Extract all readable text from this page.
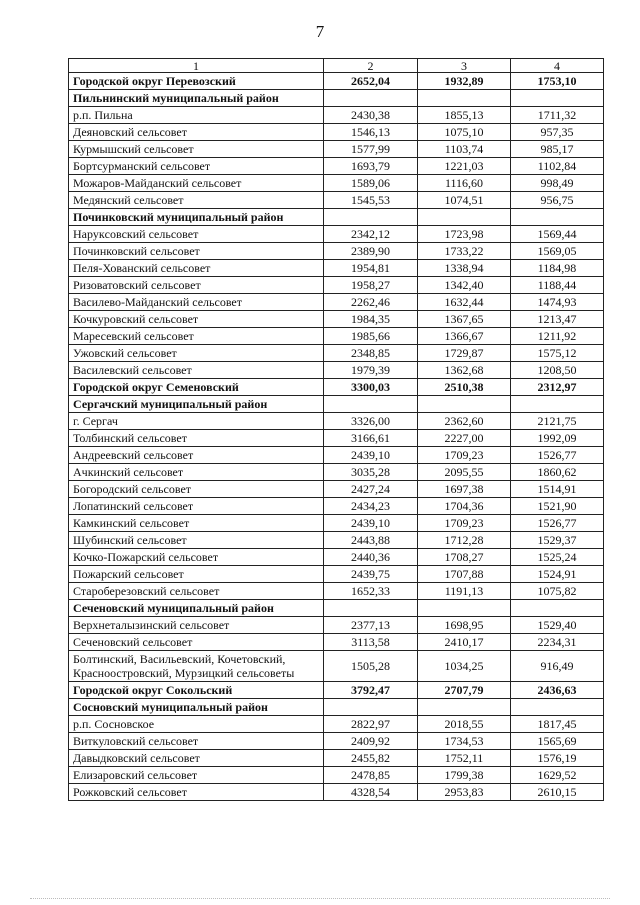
7
1	2	3	4
Городской округ Перевозский	2652,04	1932,89	1753,10
Пильнинский муниципальный район			
р.п. Пильна	2430,38	1855,13	1711,32
Деяновский сельсовет	1546,13	1075,10	957,35
Курмышский сельсовет	1577,99	1103,74	985,17
Бортсурманский сельсовет	1693,79	1221,03	1102,84
Можаров-Майданский сельсовет	1589,06	1116,60	998,49
Медянский сельсовет	1545,53	1074,51	956,75
Починковский муниципальный район			
Нарукcовский сельсовет	2342,12	1723,98	1569,44
Починковский сельсовет	2389,90	1733,22	1569,05
Пеля-Хованский сельсовет	1954,81	1338,94	1184,98
Ризоватовский сельсовет	1958,27	1342,40	1188,44
Василево-Майданский сельсовет	2262,46	1632,44	1474,93
Кочкуровский сельсовет	1984,35	1367,65	1213,47
Маресевский сельсовет	1985,66	1366,67	1211,92
Ужовский сельсовет	2348,85	1729,87	1575,12
Василевский сельсовет	1979,39	1362,68	1208,50
Городской округ Семеновский	3300,03	2510,38	2312,97
Сергачский муниципальный район			
г. Сергач	3326,00	2362,60	2121,75
Толбинский сельсовет	3166,61	2227,00	1992,09
Андреевский сельсовет	2439,10	1709,23	1526,77
Ачкинский сельсовет	3035,28	2095,55	1860,62
Богородский сельсовет	2427,24	1697,38	1514,91
Лопатинский сельсовет	2434,23	1704,36	1521,90
Камкинский сельсовет	2439,10	1709,23	1526,77
Шубинский сельсовет	2443,88	1712,28	1529,37
Кочко-Пожарский сельсовет	2440,36	1708,27	1525,24
Пожарский сельсовет	2439,75	1707,88	1524,91
Староберезовский сельсовет	1652,33	1191,13	1075,82
Сеченовский муниципальный район			
Верхнеталызинский сельсовет	2377,13	1698,95	1529,40
Сеченовский сельсовет	3113,58	2410,17	2234,31
Болтинский, Васильевский, Кочетовский, Красноостровский, Мурзицкий сельсоветы	1505,28	1034,25	916,49
Городской округ Сокольский	3792,47	2707,79	2436,63
Сосновский муниципальный район			
р.п. Сосновское	2822,97	2018,55	1817,45
Виткуловский сельсовет	2409,92	1734,53	1565,69
Давыдковский сельсовет	2455,82	1752,11	1576,19
Елизаровский сельсовет	2478,85	1799,38	1629,52
Рожковский сельсовет	4328,54	2953,83	2610,15
